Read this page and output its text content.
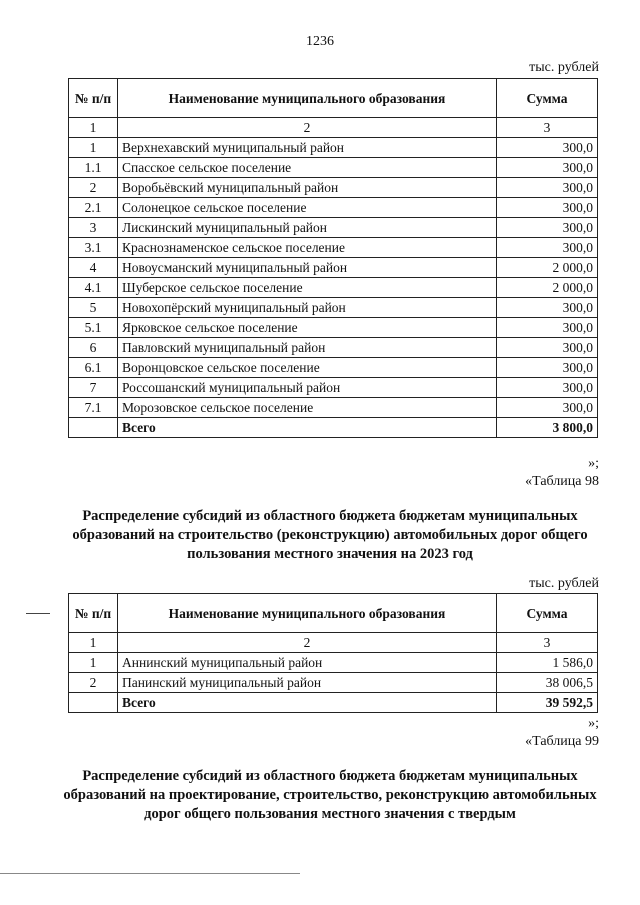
1236
тыс. рублей
№ п/п	Наименование муниципального образования	Сумма
1	2	3
1	Верхнехавский муниципальный район	300,0
1.1	Спасское сельское поселение	300,0
2	Воробьёвский муниципальный район	300,0
2.1	Солонецкое сельское поселение	300,0
3	Лискинский муниципальный район	300,0
3.1	Краснознаменское сельское поселение	300,0
4	Новоусманский муниципальный район	2 000,0
4.1	Шуберское сельское поселение	2 000,0
5	Новохопёрский муниципальный район	300,0
5.1	Ярковское сельское поселение	300,0
6	Павловский муниципальный район	300,0
6.1	Воронцовское сельское поселение	300,0
7	Россошанский муниципальный район	300,0
7.1	Морозовское сельское поселение	300,0
	Всего	3 800,0
»;
«Таблица 98
Распределение субсидий из областного бюджета бюджетам муниципальных образований на строительство (реконструкцию) автомобильных дорог общего пользования местного значения на 2023 год
тыс. рублей
№ п/п	Наименование муниципального образования	Сумма
1	2	3
1	Аннинский муниципальный район	1 586,0
2	Панинский муниципальный район	38 006,5
	Всего	39 592,5
»;
«Таблица 99
Распределение субсидий из областного бюджета бюджетам муниципальных образований на проектирование, строительство, реконструкцию автомобильных дорог общего пользования местного значения с твердым
